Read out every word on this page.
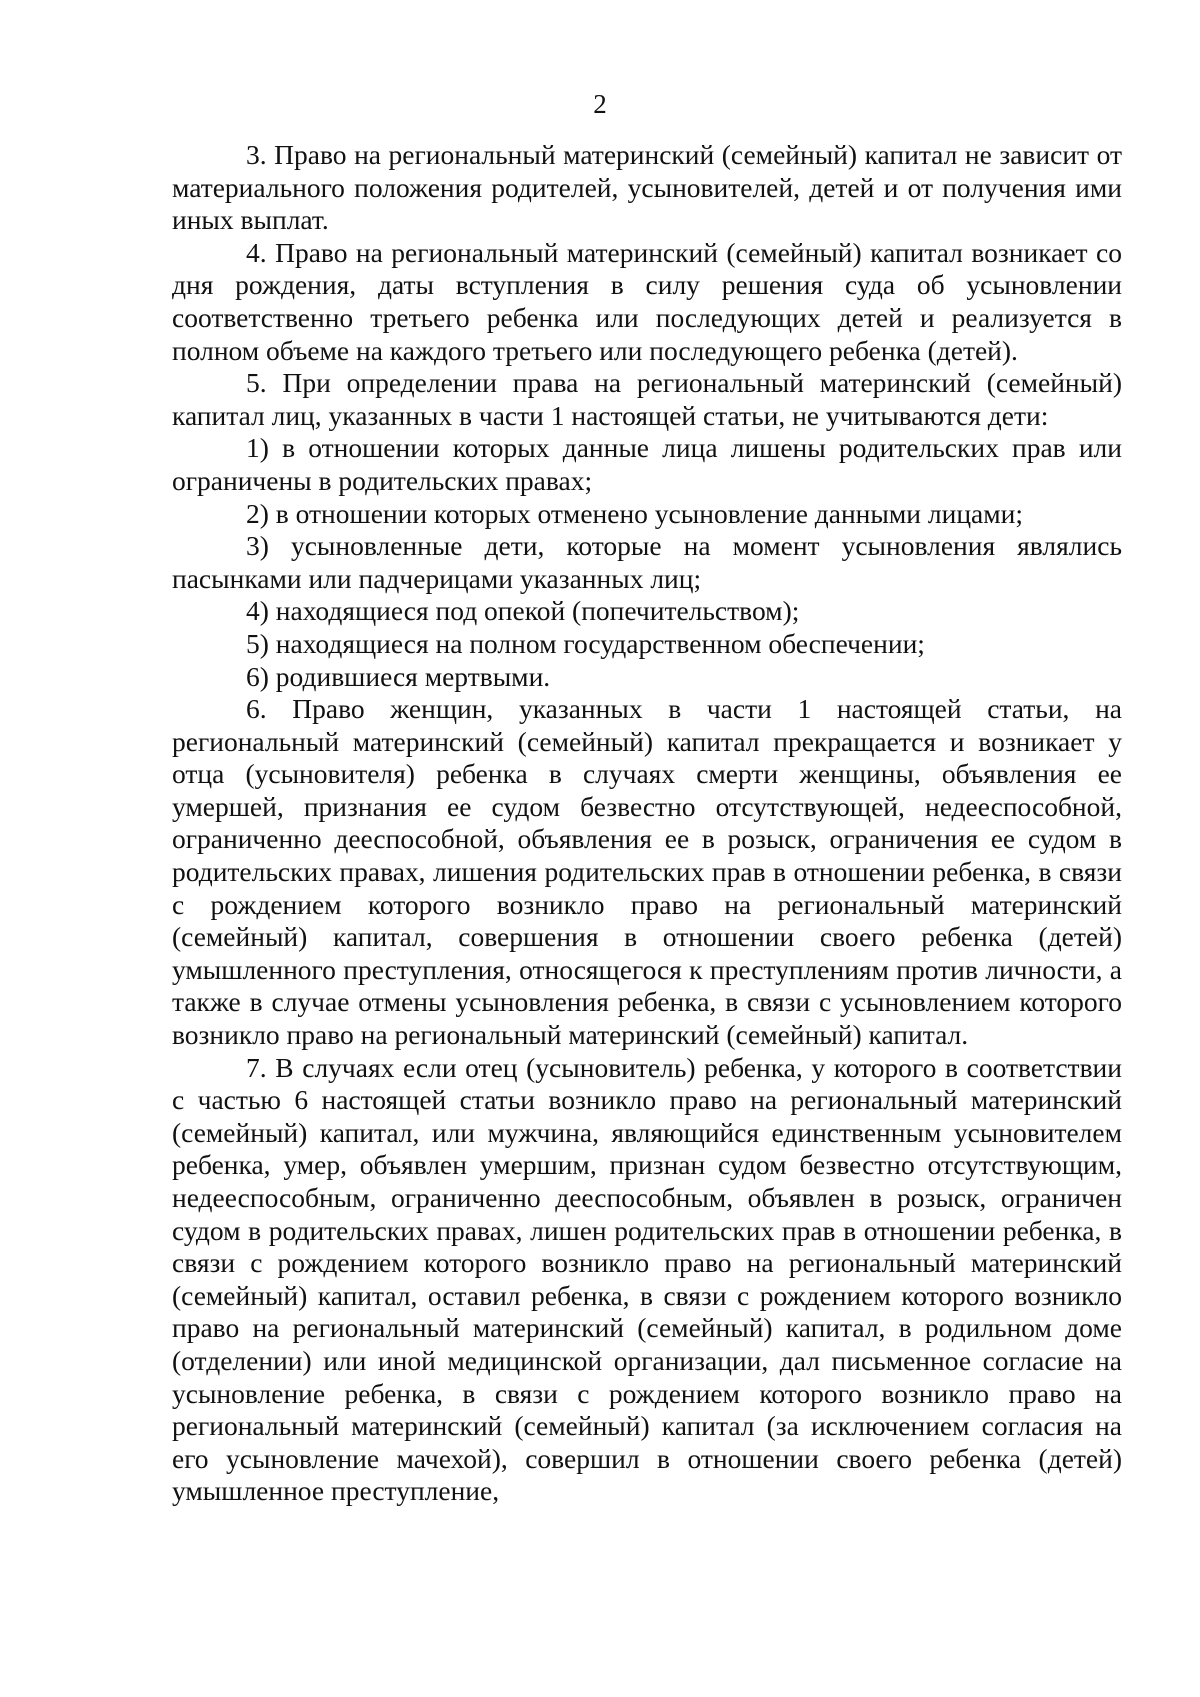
2

3. Право на региональный материнский (семейный) капитал не зависит от материального положения родителей, усыновителей, детей и от получения ими иных выплат.

4. Право на региональный материнский (семейный) капитал возникает со дня рождения, даты вступления в силу решения суда об усыновлении соответственно третьего ребенка или последующих детей и реализуется в полном объеме на каждого третьего или последующего ребенка (детей).

5. При определении права на региональный материнский (семейный) капитал лиц, указанных в части 1 настоящей статьи, не учитываются дети:

1) в отношении которых данные лица лишены родительских прав или ограничены в родительских правах;

2) в отношении которых отменено усыновление данными лицами;

3) усыновленные дети, которые на момент усыновления являлись пасынками или падчерицами указанных лиц;

4) находящиеся под опекой (попечительством);

5) находящиеся на полном государственном обеспечении;

6) родившиеся мертвыми.

6. Право женщин, указанных в части 1 настоящей статьи, на региональный материнский (семейный) капитал прекращается и возникает у отца (усыновителя) ребенка в случаях смерти женщины, объявления ее умершей, признания ее судом безвестно отсутствующей, недееспособной, ограниченно дееспособной, объявления ее в розыск, ограничения ее судом в родительских правах, лишения родительских прав в отношении ребенка, в связи с рождением которого возникло право на региональный материнский (семейный) капитал, совершения в отношении своего ребенка (детей) умышленного преступления, относящегося к преступлениям против личности, а также в случае отмены усыновления ребенка, в связи с усыновлением которого возникло право на региональный материнский (семейный) капитал.

7. В случаях если отец (усыновитель) ребенка, у которого в соответствии с частью 6 настоящей статьи возникло право на региональный материнский (семейный) капитал, или мужчина, являющийся единственным усыновителем ребенка, умер, объявлен умершим, признан судом безвестно отсутствующим, недееспособным, ограниченно дееспособным, объявлен в розыск, ограничен судом в родительских правах, лишен родительских прав в отношении ребенка, в связи с рождением которого возникло право на региональный материнский (семейный) капитал, оставил ребенка, в связи с рождением которого возникло право на региональный материнский (семейный) капитал, в родильном доме (отделении) или иной медицинской организации, дал письменное согласие на усыновление ребенка, в связи с рождением которого возникло право на региональный материнский (семейный) капитал (за исключением согласия на его усыновление мачехой), совершил в отношении своего ребенка (детей) умышленное преступление,
